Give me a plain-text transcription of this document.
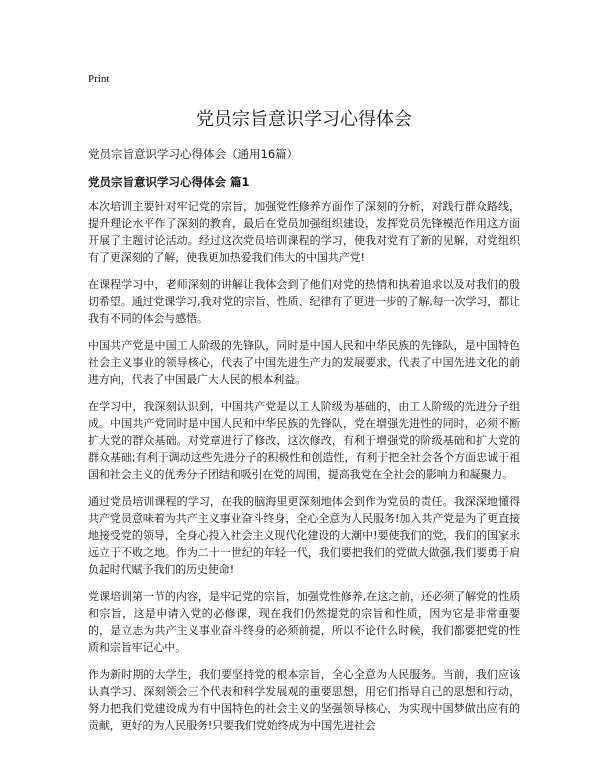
Print
党员宗旨意识学习心得体会
党员宗旨意识学习心得体会（通用16篇）
党员宗旨意识学习心得体会 篇1

本次培训主要针对牢记党的宗旨，加强党性修养方面作了深刻的分析，对践行群众路线，提升理论水平作了深刻的教育，最后在党员加强组织建设，发挥党员先锋模范作用这方面开展了主题讨论活动。经过这次党员培训课程的学习，使我对党有了新的见解，对党组织有了更深刻的了解，使我更加热爱我们伟大的中国共产党!

在课程学习中，老师深刻的讲解让我体会到了他们对党的热情和执着追求以及对我们的殷切希望。通过党课学习,我对党的宗旨、性质、纪律有了更进一步的了解,每一次学习，都让我有不同的体会与感悟。

中国共产党是中国工人阶级的先锋队，同时是中国人民和中华民族的先锋队，是中国特色社会主义事业的领导核心，代表了中国先进生产力的发展要求，代表了中国先进文化的前进方向，代表了中国最广大人民的根本利益。

在学习中，我深刻认识到，中国共产党是以工人阶级为基础的，由工人阶级的先进分子组成。中国共产党同时是中国人民和中华民族的先锋队，党在增强先进性的同时，必须不断扩大党的群众基础。对党章进行了修改，这次修改，有利于增强党的阶级基础和扩大党的群众基础;有利于调动这些先进分子的积极性和创造性，有利于把全社会各个方面忠诚于祖国和社会主义的优秀分子团结和吸引在党的周围，提高我党在全社会的影响力和凝聚力。

通过党员培训课程的学习，在我的脑海里更深刻地体会到作为党员的责任。我深深地懂得共产党员意味着为共产主义事业奋斗终身，全心全意为人民服务!加入共产党是为了更直接地接受党的领导，全身心投入社会主义现代化建设的大潮中!要使我们的党，我们的国家永远立于不败之地。作为二十一世纪的年轻一代，我们要把我们的党做大做强,我们要勇于肩负起时代赋予我们的历史使命!

党课培训第一节的内容，是牢记党的宗旨，加强党性修养,在这之前，还必须了解党的性质和宗旨，这是申请入党的必修课，现在我们仍然提党的宗旨和性质，因为它是非常重要的，是立志为共产主义事业奋斗终身的必须前提，所以不论什么时候，我们都要把党的性质和宗旨牢记心中。

作为新时期的大学生，我们要坚持党的根本宗旨，全心全意为人民服务。当前，我们应该认真学习、深刻领会三个代表和科学发展观的重要思想，用它们指导自己的思想和行动，努力把我们党建设成为有中国特色的社会主义的坚强领导核心，为实现中国梦做出应有的贡献，更好的为人民服务!只要我们党始终成为中国先进社会
